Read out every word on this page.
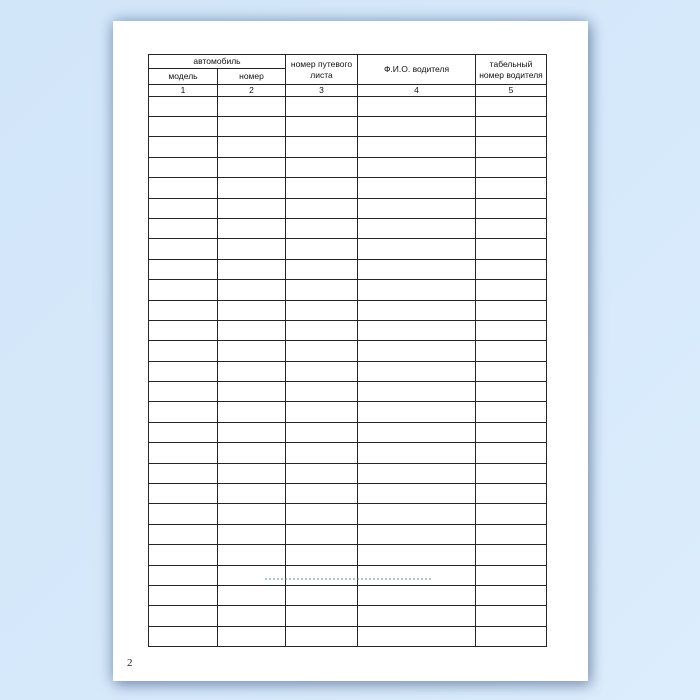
автомобиль		номер путевого листа	Ф.И.О. водителя	табельный номер водителя
модель	номер			
1	2	3	4	5

2
